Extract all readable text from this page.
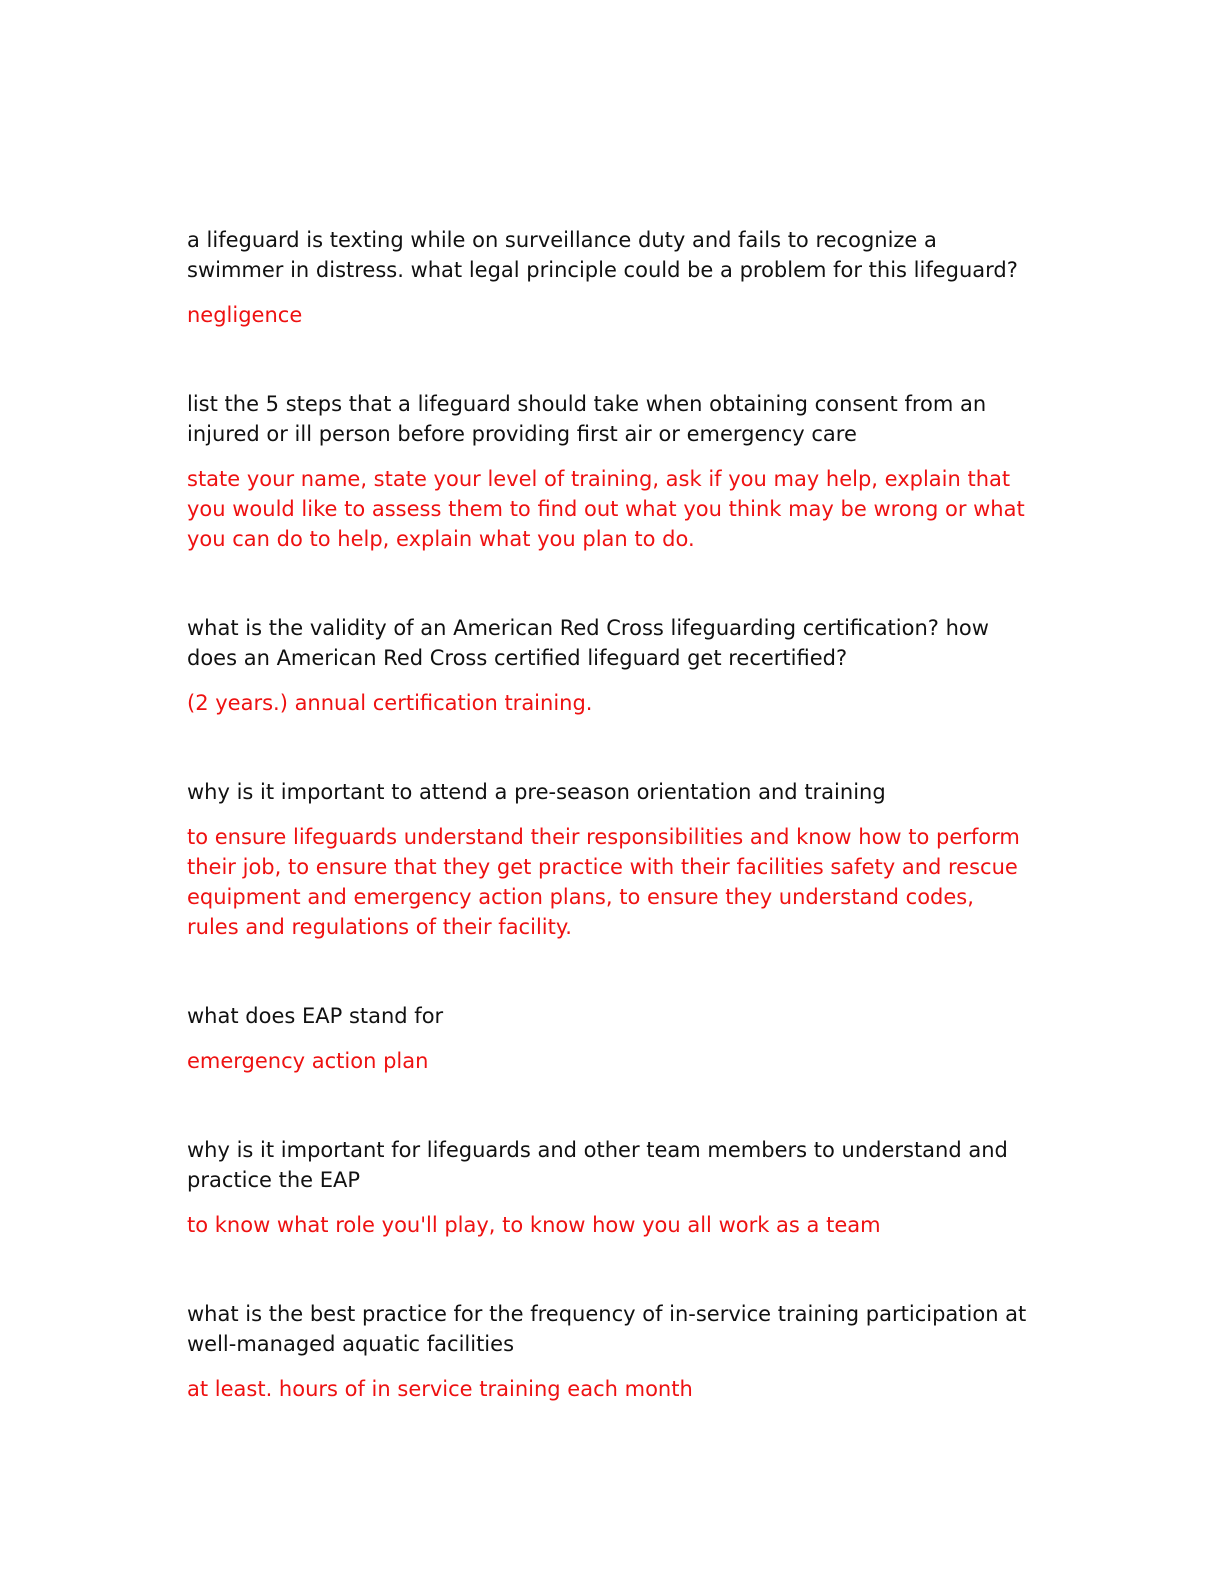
a lifeguard is texting while on surveillance duty and fails to recognize a swimmer in distress. what legal principle could be a problem for this lifeguard?

negligence

list the 5 steps that a lifeguard should take when obtaining consent from an injured or ill person before providing first air or emergency care

state your name, state your level of training, ask if you may help, explain that you would like to assess them to find out what you think may be wrong or what you can do to help, explain what you plan to do.

what is the validity of an American Red Cross lifeguarding certification? how does an American Red Cross certified lifeguard get recertified?

(2 years.) annual certification training.

why is it important to attend a pre-season orientation and training

to ensure lifeguards understand their responsibilities and know how to perform their job, to ensure that they get practice with their facilities safety and rescue equipment and emergency action plans, to ensure they understand codes, rules and regulations of their facility.

what does EAP stand for

emergency action plan

why is it important for lifeguards and other team members to understand and practice the EAP

to know what role you'll play, to know how you all work as a team

what is the best practice for the frequency of in-service training participation at well-managed aquatic facilities

at least. hours of in service training each month
